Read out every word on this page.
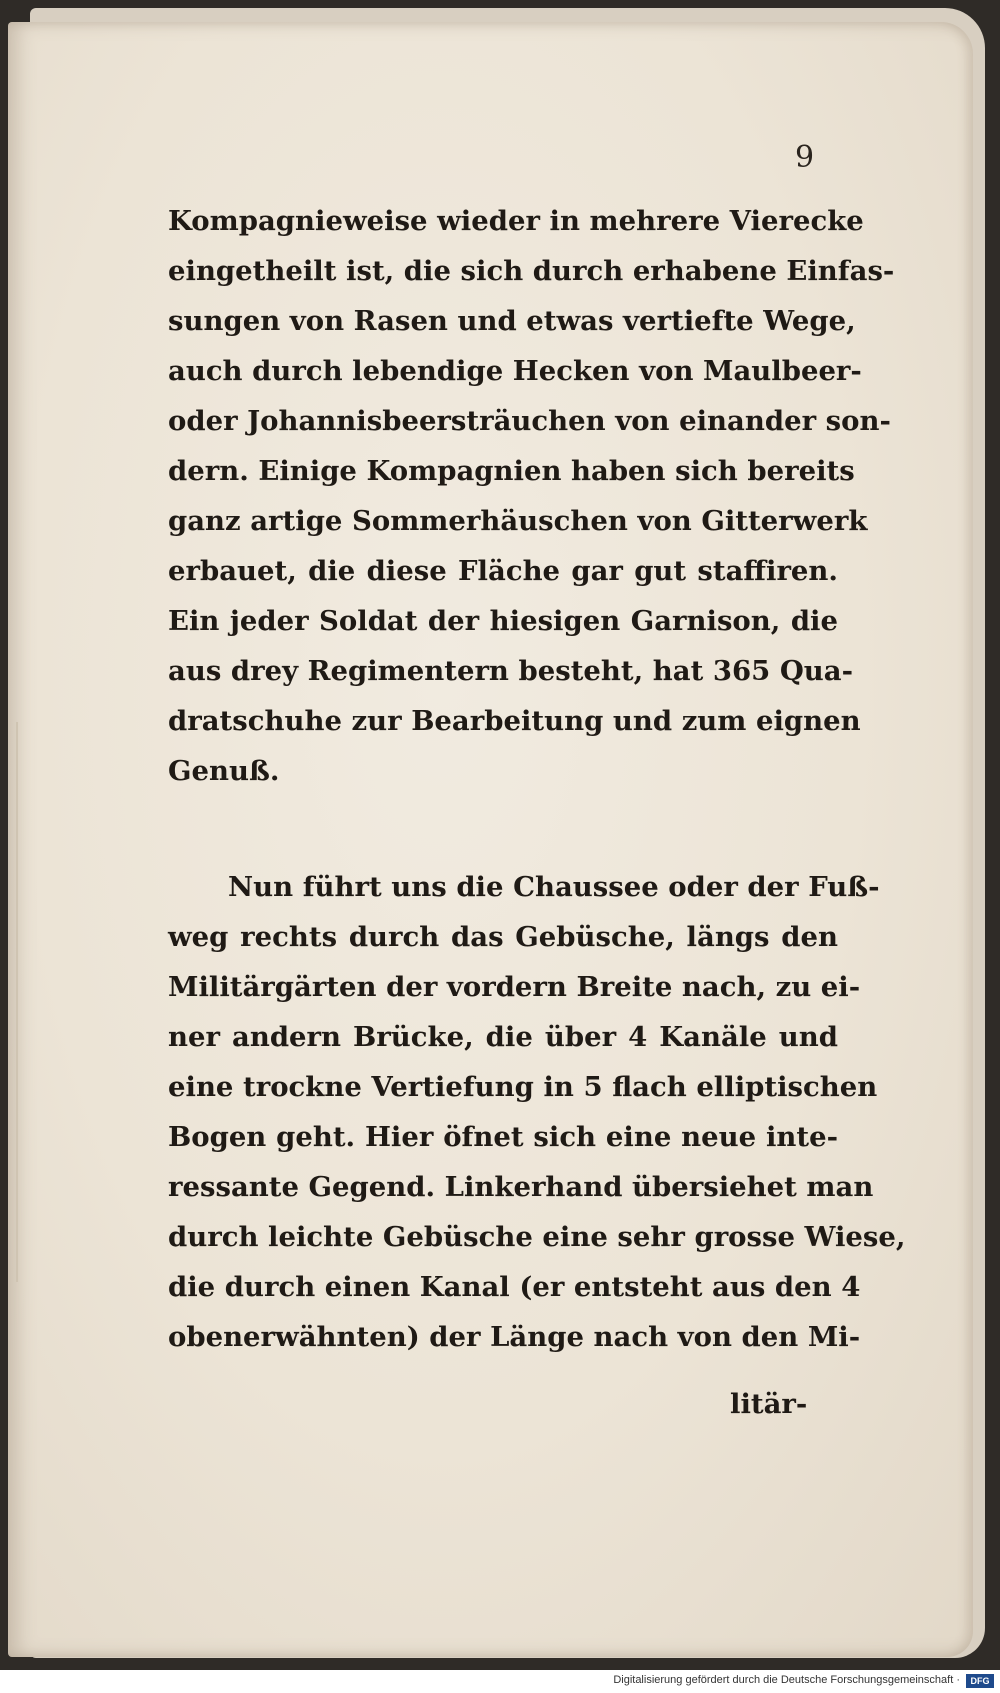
9
Kompagnieweise wieder in mehrere Vierecke
eingetheilt ist, die sich durch erhabene Einfas-
sungen von Rasen und etwas vertiefte Wege,
auch durch lebendige Hecken von Maulbeer-
oder Johannisbeersträuchen von einander son-
dern. Einige Kompagnien haben sich bereits
ganz artige Sommerhäuschen von Gitterwerk
erbauet, die diese Fläche gar gut staffiren.
Ein jeder Soldat der hiesigen Garnison, die
aus drey Regimentern besteht, hat 365 Qua-
dratschuhe zur Bearbeitung und zum eignen
Genuß.
Nun führt uns die Chaussee oder der Fuß-
weg rechts durch das Gebüsche, längs den
Militärgärten der vordern Breite nach, zu ei-
ner andern Brücke, die über 4 Kanäle und
eine trockne Vertiefung in 5 flach elliptischen
Bogen geht. Hier öfnet sich eine neue inte-
ressante Gegend. Linkerhand übersiehet man
durch leichte Gebüsche eine sehr grosse Wiese,
die durch einen Kanal (er entsteht aus den 4
obenerwähnten) der Länge nach von den Mi-
litär-
Digitalisierung gefördert durch die Deutsche Forschungsgemeinschaft ·	DFG
